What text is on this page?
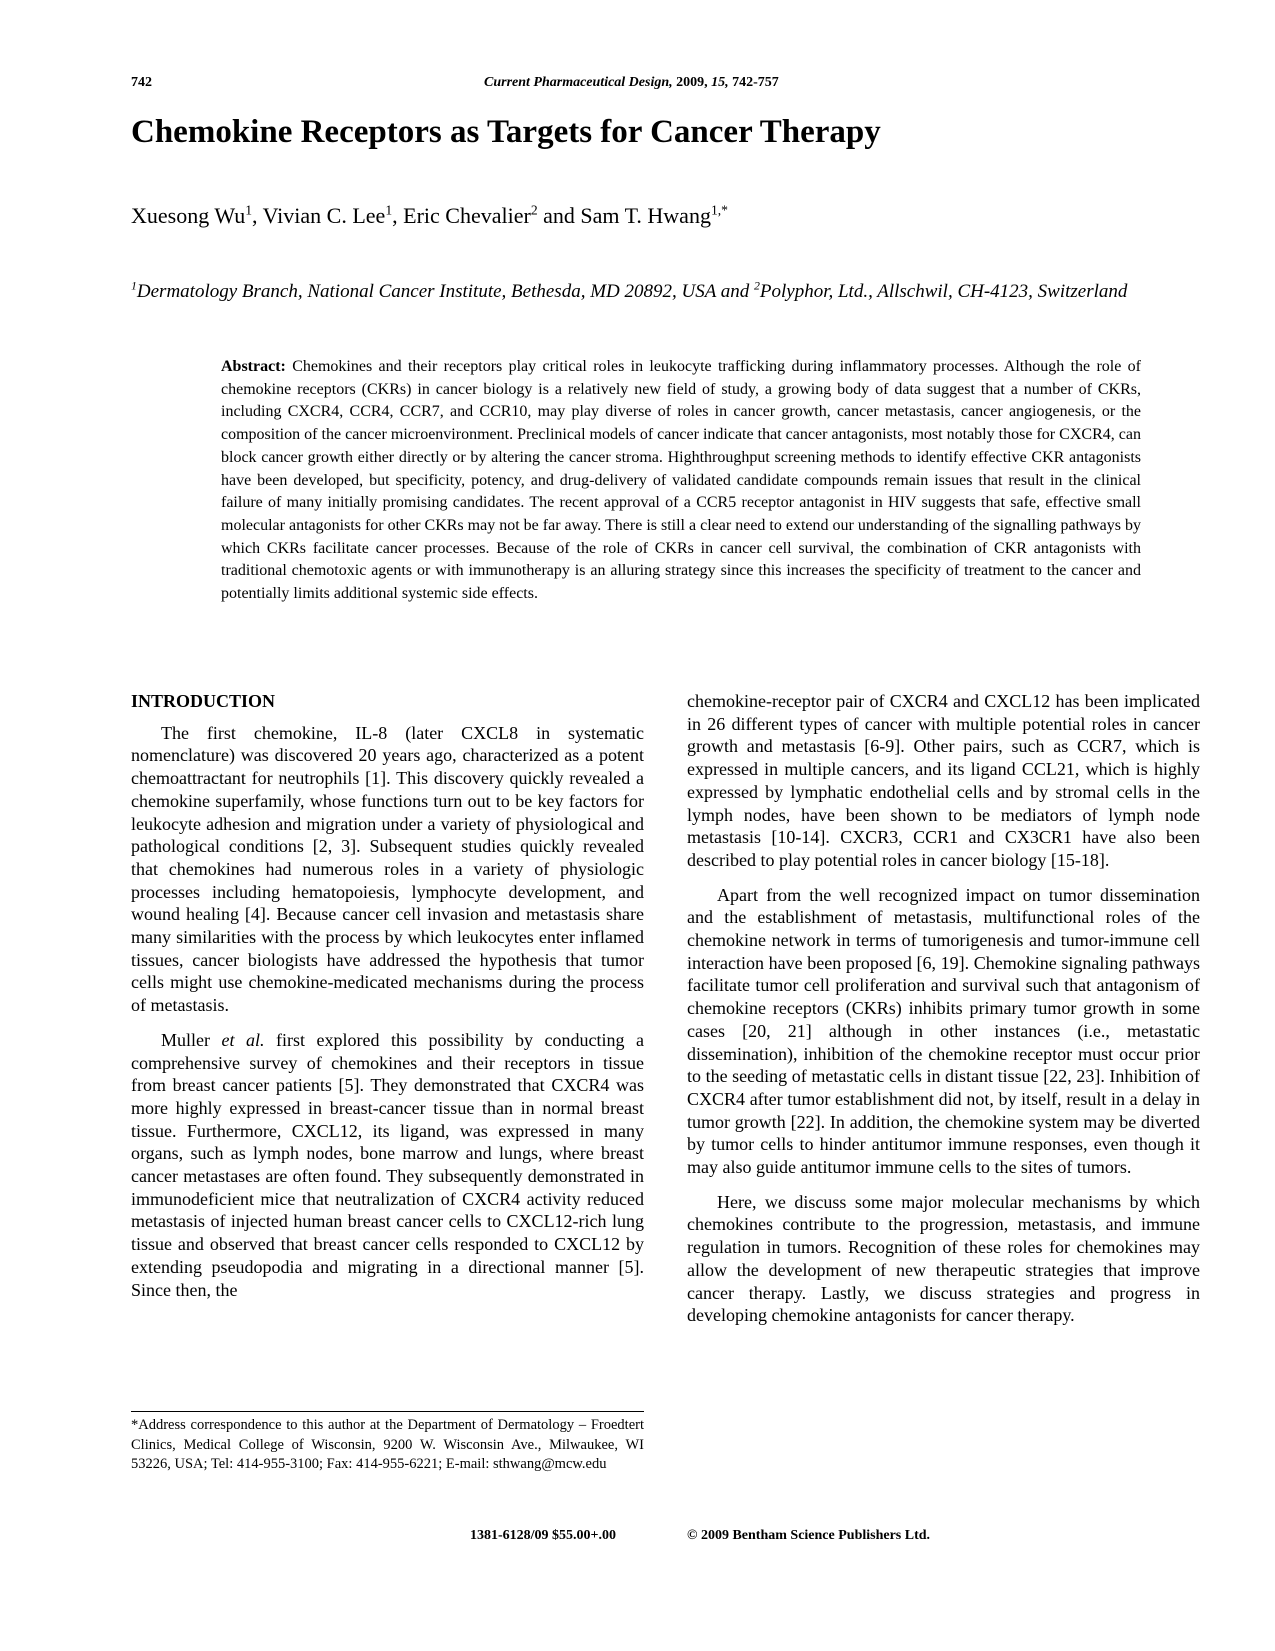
742	Current Pharmaceutical Design, 2009, 15, 742-757
Chemokine Receptors as Targets for Cancer Therapy
Xuesong Wu$^1$, Vivian C. Lee$^1$, Eric Chevalier$^2$ and Sam T. Hwang$^{1,*}$
$^1$Dermatology Branch, National Cancer Institute, Bethesda, MD 20892, USA and $^2$Polyphor, Ltd., Allschwil, CH-4123, Switzerland
Abstract: Chemokines and their receptors play critical roles in leukocyte trafficking during inflammatory processes. Although the role of chemokine receptors (CKRs) in cancer biology is a relatively new field of study, a growing body of data suggest that a number of CKRs, including CXCR4, CCR4, CCR7, and CCR10, may play diverse of roles in cancer growth, cancer metastasis, cancer angiogenesis, or the composition of the cancer microenvironment. Preclinical models of cancer indicate that cancer antagonists, most notably those for CXCR4, can block cancer growth either directly or by altering the cancer stroma. Highthroughput screening methods to identify effective CKR antagonists have been developed, but specificity, potency, and drug-delivery of validated candidate compounds remain issues that result in the clinical failure of many initially promising candidates. The recent approval of a CCR5 receptor antagonist in HIV suggests that safe, effective small molecular antagonists for other CKRs may not be far away. There is still a clear need to extend our understanding of the signalling pathways by which CKRs facilitate cancer processes. Because of the role of CKRs in cancer cell survival, the combination of CKR antagonists with traditional chemotoxic agents or with immunotherapy is an alluring strategy since this increases the specificity of treatment to the cancer and potentially limits additional systemic side effects.
INTRODUCTION

The first chemokine, IL-8 (later CXCL8 in systematic nomenclature) was discovered 20 years ago, characterized as a potent chemoattractant for neutrophils [1]. This discovery quickly revealed a chemokine superfamily, whose functions turn out to be key factors for leukocyte adhesion and migration under a variety of physiological and pathological conditions [2, 3]. Subsequent studies quickly revealed that chemokines had numerous roles in a variety of physiologic processes including hematopoiesis, lymphocyte development, and wound healing [4]. Because cancer cell invasion and metastasis share many similarities with the process by which leukocytes enter inflamed tissues, cancer biologists have addressed the hypothesis that tumor cells might use chemokine-medicated mechanisms during the process of metastasis.

Muller et al. first explored this possibility by conducting a comprehensive survey of chemokines and their receptors in tissue from breast cancer patients [5]. They demonstrated that CXCR4 was more highly expressed in breast-cancer tissue than in normal breast tissue. Furthermore, CXCL12, its ligand, was expressed in many organs, such as lymph nodes, bone marrow and lungs, where breast cancer metastases are often found. They subsequently demonstrated in immunodeficient mice that neutralization of CXCR4 activity reduced metastasis of injected human breast cancer cells to CXCL12-rich lung tissue and observed that breast cancer cells responded to CXCL12 by extending pseudopodia and migrating in a directional manner [5]. Since then, the

chemokine-receptor pair of CXCR4 and CXCL12 has been implicated in 26 different types of cancer with multiple potential roles in cancer growth and metastasis [6-9]. Other pairs, such as CCR7, which is expressed in multiple cancers, and its ligand CCL21, which is highly expressed by lymphatic endothelial cells and by stromal cells in the lymph nodes, have been shown to be mediators of lymph node metastasis [10-14]. CXCR3, CCR1 and CX3CR1 have also been described to play potential roles in cancer biology [15-18].

Apart from the well recognized impact on tumor dissemination and the establishment of metastasis, multifunctional roles of the chemokine network in terms of tumorigenesis and tumor-immune cell interaction have been proposed [6, 19]. Chemokine signaling pathways facilitate tumor cell proliferation and survival such that antagonism of chemokine receptors (CKRs) inhibits primary tumor growth in some cases [20, 21] although in other instances (i.e., metastatic dissemination), inhibition of the chemokine receptor must occur prior to the seeding of metastatic cells in distant tissue [22, 23]. Inhibition of CXCR4 after tumor establishment did not, by itself, result in a delay in tumor growth [22]. In addition, the chemokine system may be diverted by tumor cells to hinder antitumor immune responses, even though it may also guide antitumor immune cells to the sites of tumors.

Here, we discuss some major molecular mechanisms by which chemokines contribute to the progression, metastasis, and immune regulation in tumors. Recognition of these roles for chemokines may allow the development of new therapeutic strategies that improve cancer therapy. Lastly, we discuss strategies and progress in developing chemokine antagonists for cancer therapy.

*Address correspondence to this author at the Department of Dermatology – Froedtert Clinics, Medical College of Wisconsin, 9200 W. Wisconsin Ave., Milwaukee, WI 53226, USA; Tel: 414-955-3100; Fax: 414-955-6221; E-mail: sthwang@mcw.edu
1381-6128/09 $55.00+.00	© 2009 Bentham Science Publishers Ltd.
